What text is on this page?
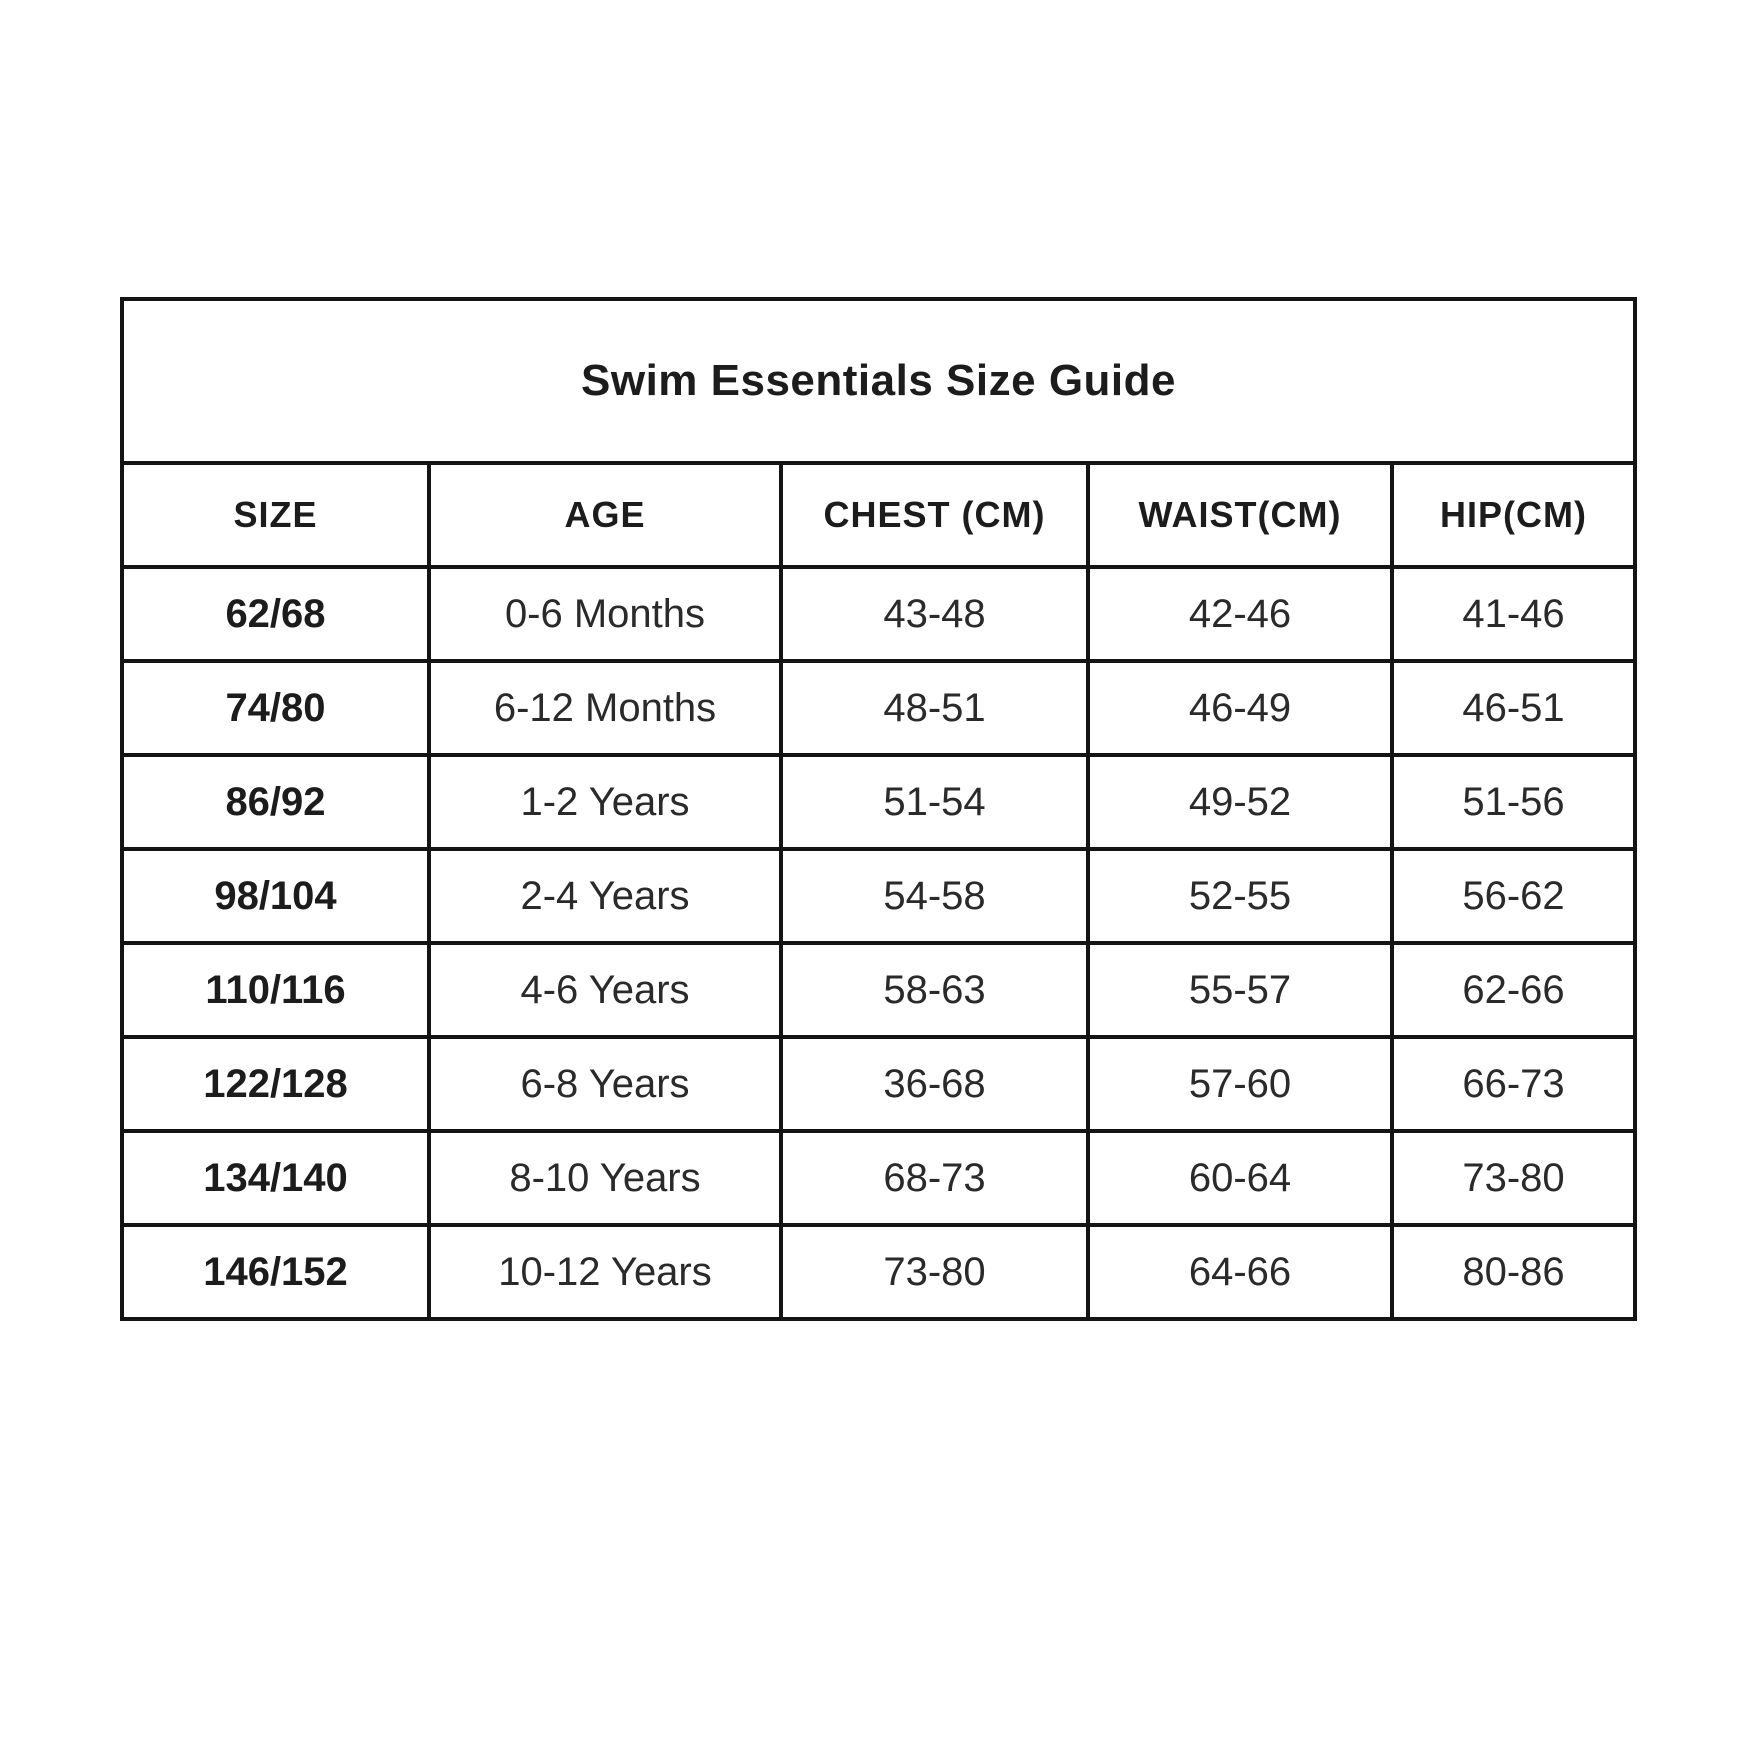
Swim Essentials Size Guide				
SIZE	AGE	CHEST (CM)	WAIST(CM)	HIP(CM)
62/68	0-6 Months	43-48	42-46	41-46
74/80	6-12 Months	48-51	46-49	46-51
86/92	1-2 Years	51-54	49-52	51-56
98/104	2-4 Years	54-58	52-55	56-62
110/116	4-6 Years	58-63	55-57	62-66
122/128	6-8 Years	36-68	57-60	66-73
134/140	8-10 Years	68-73	60-64	73-80
146/152	10-12 Years	73-80	64-66	80-86
